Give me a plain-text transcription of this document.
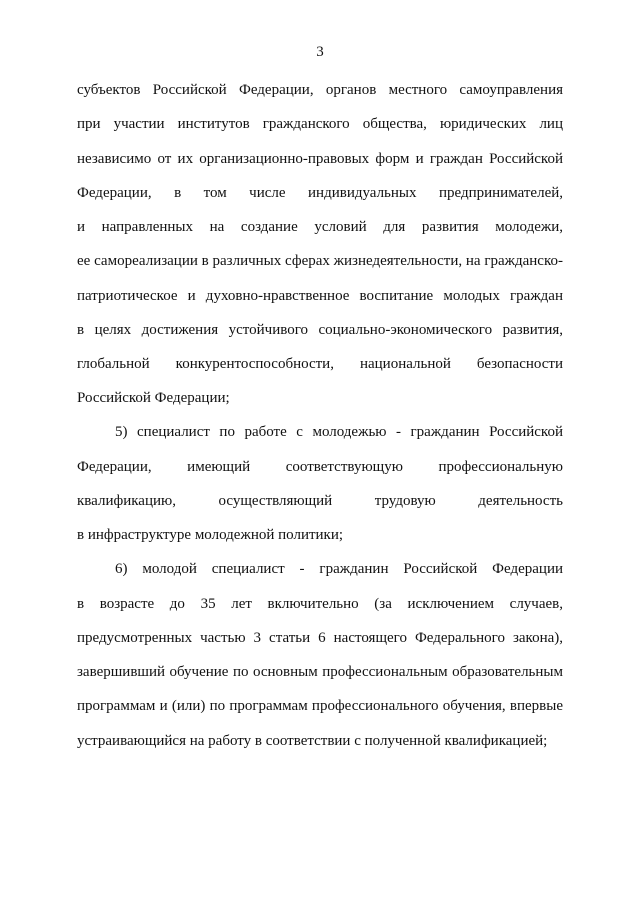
3
субъектов Российской Федерации, органов местного самоуправления
при участии институтов гражданского общества, юридических лиц
независимо от их организационно-правовых форм и граждан Российской
Федерации, в том числе индивидуальных предпринимателей,
и направленных на создание условий для развития молодежи,
ее самореализации в различных сферах жизнедеятельности, на гражданско-
патриотическое и духовно-нравственное воспитание молодых граждан
в целях достижения устойчивого социально-экономического развития,
глобальной конкурентоспособности, национальной безопасности
Российской Федерации;
5) специалист по работе с молодежью - гражданин Российской
Федерации, имеющий соответствующую профессиональную
квалификацию, осуществляющий трудовую деятельность
в инфраструктуре молодежной политики;
6) молодой специалист - гражданин Российской Федерации
в возрасте до 35 лет включительно (за исключением случаев,
предусмотренных частью 3 статьи 6 настоящего Федерального закона),
завершивший обучение по основным профессиональным образовательным
программам и (или) по программам профессионального обучения, впервые
устраивающийся на работу в соответствии с полученной квалификацией;
